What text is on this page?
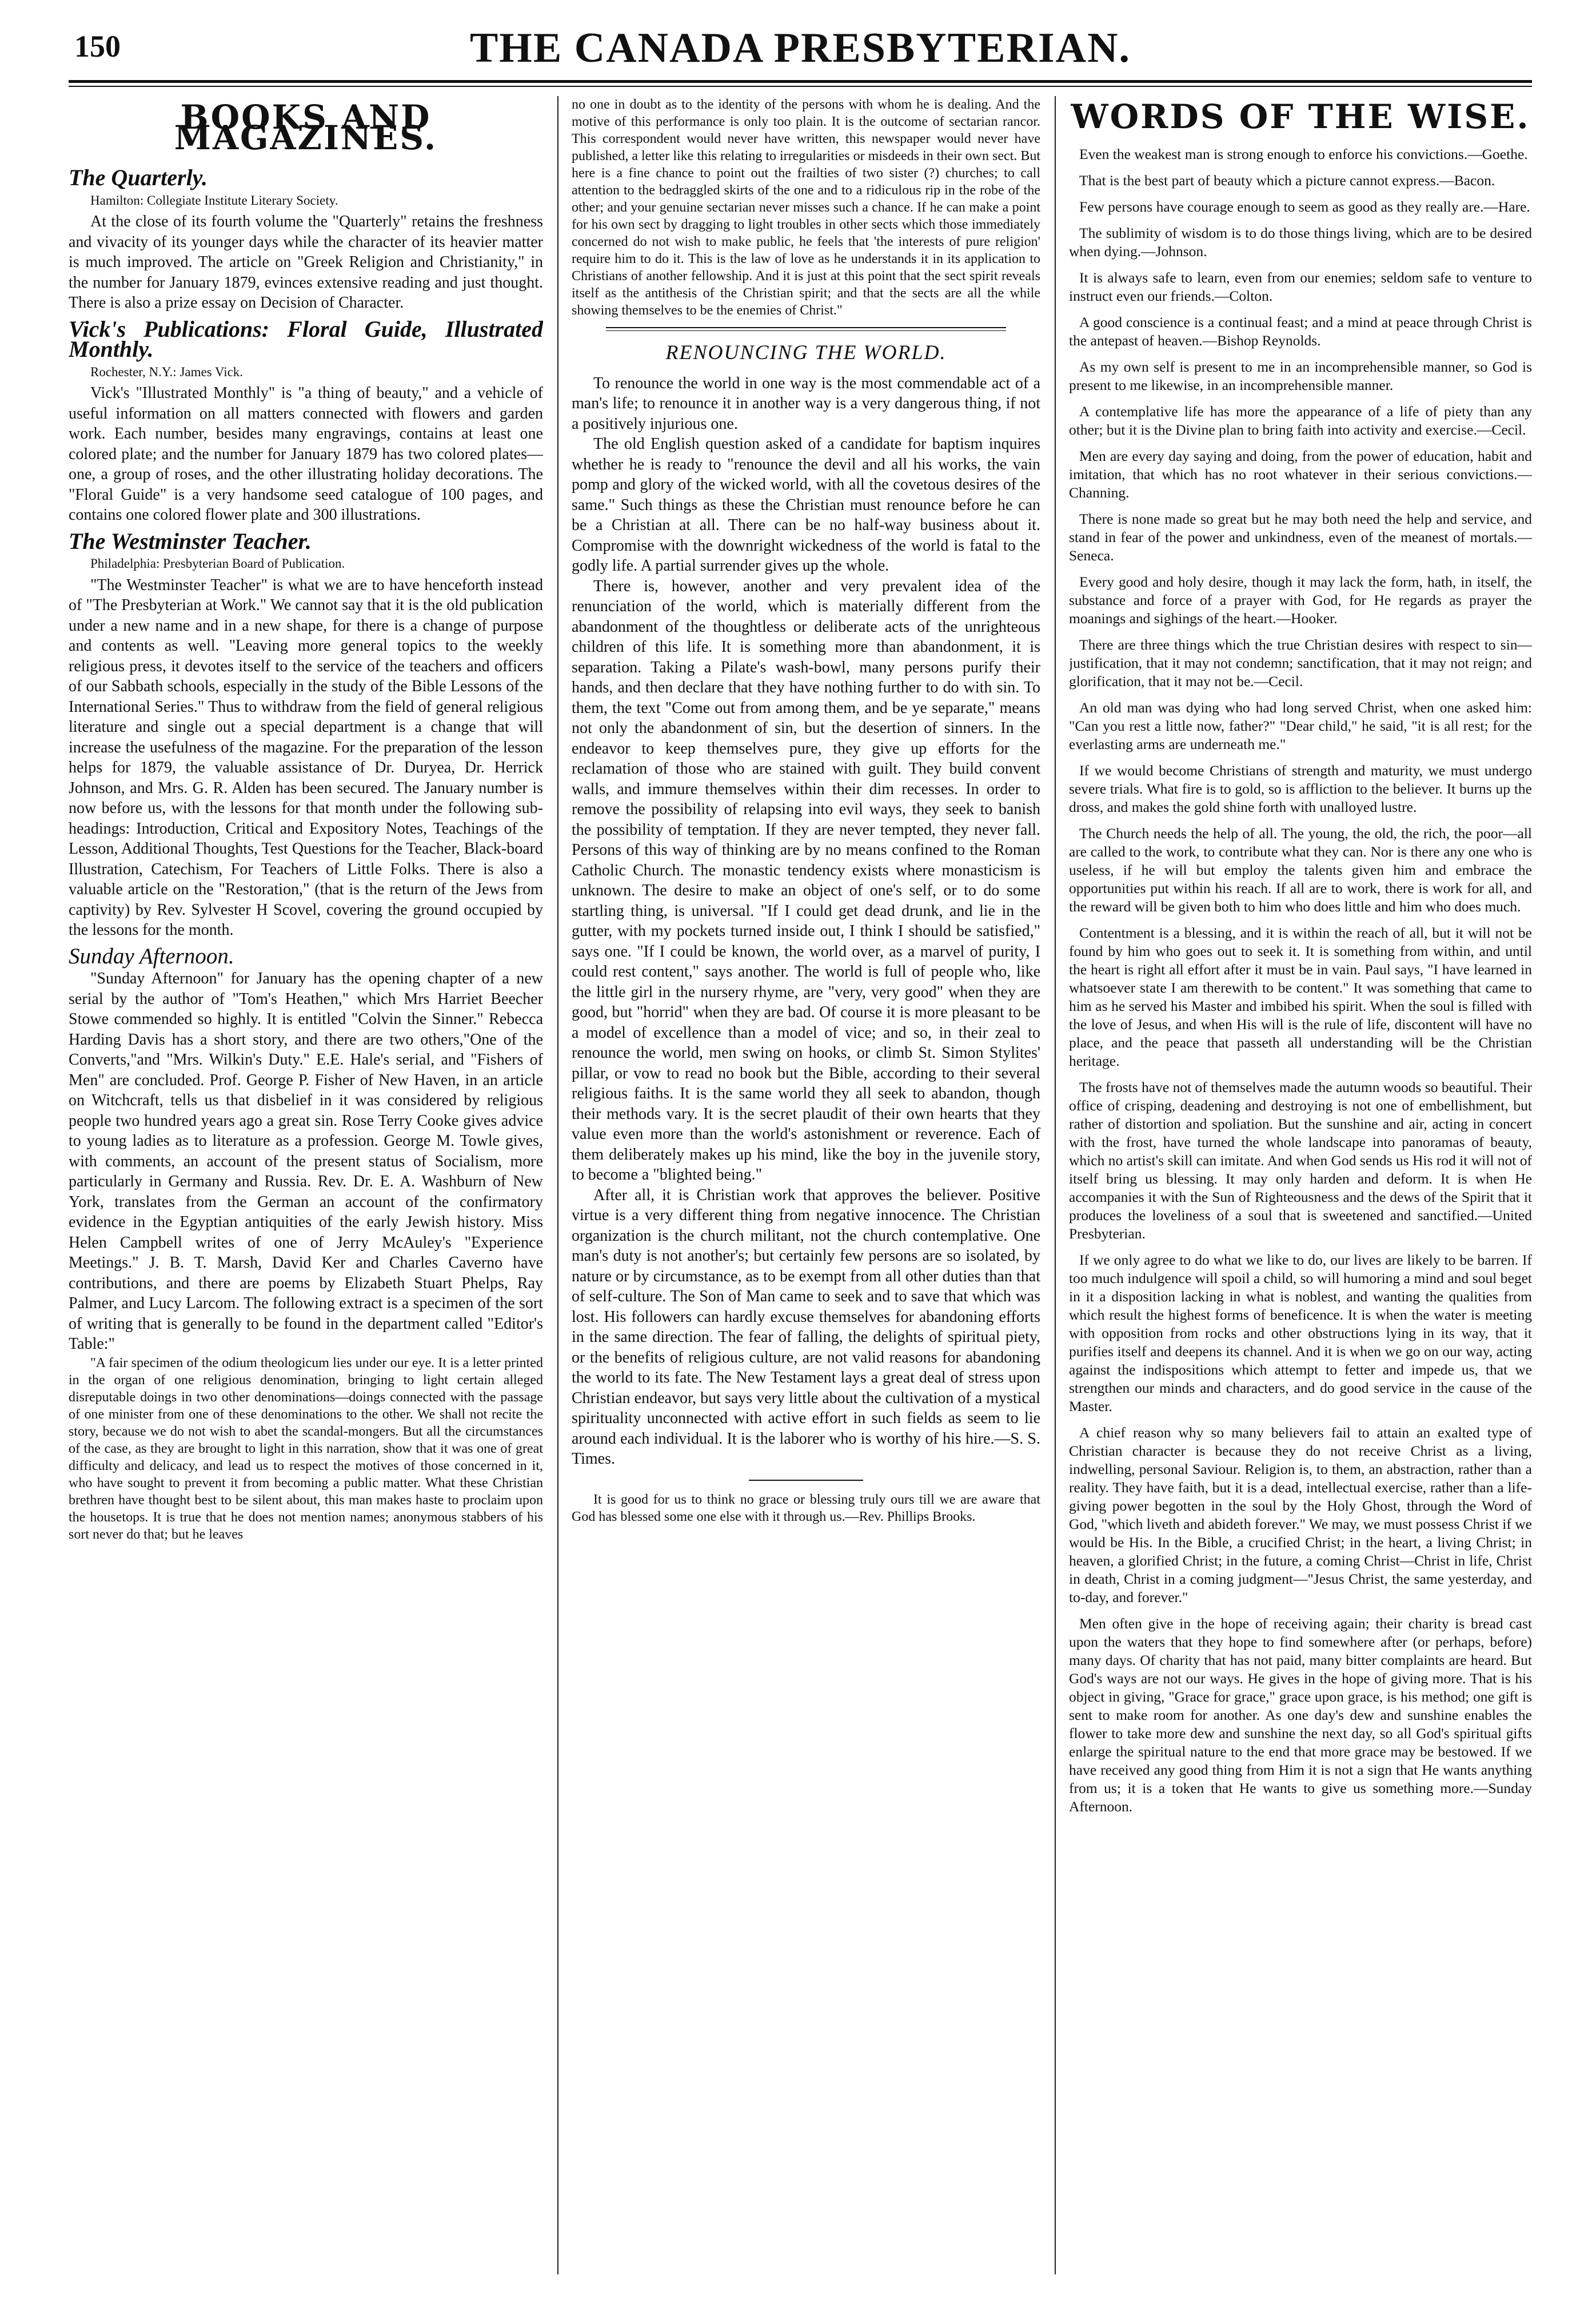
150	THE CANADA PRESBYTERIAN.
BOOKS AND MAGAZINES.
The Quarterly.
Hamilton: Collegiate Institute Literary Society.

At the close of its fourth volume the "Quarterly" retains the freshness and vivacity of its younger days while the character of its heavier matter is much improved. The article on "Greek Religion and Christianity," in the number for January 1879, evinces extensive reading and just thought. There is also a prize essay on Decision of Character.

Vick's Publications: Floral Guide, Illustrated Monthly.
Rochester, N.Y.: James Vick.

Vick's "Illustrated Monthly" is "a thing of beauty," and a vehicle of useful information on all matters connected with flowers and garden work. Each number, besides many engravings, contains at least one colored plate; and the number for January 1879 has two colored plates—one, a group of roses, and the other illustrating holiday decorations. The "Floral Guide" is a very handsome seed catalogue of 100 pages, and contains one colored flower plate and 300 illustrations.

The Westminster Teacher.
Philadelphia: Presbyterian Board of Publication.

"The Westminster Teacher" is what we are to have henceforth instead of "The Presbyterian at Work." We cannot say that it is the old publication under a new name and in a new shape, for there is a change of purpose and contents as well. "Leaving more general topics to the weekly religious press, it devotes itself to the service of the teachers and officers of our Sabbath schools, especially in the study of the Bible Lessons of the International Series." Thus to withdraw from the field of general religious literature and single out a special department is a change that will increase the usefulness of the magazine. For the preparation of the lesson helps for 1879, the valuable assistance of Dr. Duryea, Dr. Herrick Johnson, and Mrs. G. R. Alden has been secured. The January number is now before us, with the lessons for that month under the following sub-headings: Introduction, Critical and Expository Notes, Teachings of the Lesson, Additional Thoughts, Test Questions for the Teacher, Black-board Illustration, Catechism, For Teachers of Little Folks. There is also a valuable article on the "Restoration," (that is the return of the Jews from captivity) by Rev. Sylvester H Scovel, covering the ground occupied by the lessons for the month.

Sunday Afternoon.

"Sunday Afternoon" for January has the opening chapter of a new serial by the author of "Tom's Heathen," which Mrs Harriet Beecher Stowe commended so highly. It is entitled "Colvin the Sinner." Rebecca Harding Davis has a short story, and there are two others,"One of the Converts,"and "Mrs. Wilkin's Duty." E.E. Hale's serial, and "Fishers of Men" are concluded. Prof. George P. Fisher of New Haven, in an article on Witchcraft, tells us that disbelief in it was considered by religious people two hundred years ago a great sin. Rose Terry Cooke gives advice to young ladies as to literature as a profession. George M. Towle gives, with comments, an account of the present status of Socialism, more particularly in Germany and Russia. Rev. Dr. E. A. Washburn of New York, translates from the German an account of the confirmatory evidence in the Egyptian antiquities of the early Jewish history. Miss Helen Campbell writes of one of Jerry McAuley's "Experience Meetings." J. B. T. Marsh, David Ker and Charles Caverno have contributions, and there are poems by Elizabeth Stuart Phelps, Ray Palmer, and Lucy Larcom. The following extract is a specimen of the sort of writing that is generally to be found in the department called "Editor's Table:"

"A fair specimen of the odium theologicum lies under our eye. It is a letter printed in the organ of one religious denomination, bringing to light certain alleged disreputable doings in two other denominations—doings connected with the passage of one minister from one of these denominations to the other. We shall not recite the story, because we do not wish to abet the scandal-mongers. But all the circumstances of the case, as they are brought to light in this narration, show that it was one of great difficulty and delicacy, and lead us to respect the motives of those concerned in it, who have sought to prevent it from becoming a public matter. What these Christian brethren have thought best to be silent about, this man makes haste to proclaim upon the housetops. It is true that he does not mention names; anonymous stabbers of his sort never do that; but he leaves

no one in doubt as to the identity of the persons with whom he is dealing. And the motive of this performance is only too plain. It is the outcome of sectarian rancor. This correspondent would never have written, this newspaper would never have published, a letter like this relating to irregularities or misdeeds in their own sect. But here is a fine chance to point out the frailties of two sister (?) churches; to call attention to the bedraggled skirts of the one and to a ridiculous rip in the robe of the other; and your genuine sectarian never misses such a chance. If he can make a point for his own sect by dragging to light troubles in other sects which those immediately concerned do not wish to make public, he feels that 'the interests of pure religion' require him to do it. This is the law of love as he understands it in its application to Christians of another fellowship. And it is just at this point that the sect spirit reveals itself as the antithesis of the Christian spirit; and that the sects are all the while showing themselves to be the enemies of Christ."

RENOUNCING THE WORLD.

To renounce the world in one way is the most commendable act of a man's life; to renounce it in another way is a very dangerous thing, if not a positively injurious one.

The old English question asked of a candidate for baptism inquires whether he is ready to "renounce the devil and all his works, the vain pomp and glory of the wicked world, with all the covetous desires of the same." Such things as these the Christian must renounce before he can be a Christian at all. There can be no half-way business about it. Compromise with the downright wickedness of the world is fatal to the godly life. A partial surrender gives up the whole.

There is, however, another and very prevalent idea of the renunciation of the world, which is materially different from the abandonment of the thoughtless or deliberate acts of the unrighteous children of this life. It is something more than abandonment, it is separation. Taking a Pilate's wash-bowl, many persons purify their hands, and then declare that they have nothing further to do with sin. To them, the text "Come out from among them, and be ye separate," means not only the abandonment of sin, but the desertion of sinners. In the endeavor to keep themselves pure, they give up efforts for the reclamation of those who are stained with guilt. They build convent walls, and immure themselves within their dim recesses. In order to remove the possibility of relapsing into evil ways, they seek to banish the possibility of temptation. If they are never tempted, they never fall. Persons of this way of thinking are by no means confined to the Roman Catholic Church. The monastic tendency exists where monasticism is unknown. The desire to make an object of one's self, or to do some startling thing, is universal. "If I could get dead drunk, and lie in the gutter, with my pockets turned inside out, I think I should be satisfied," says one. "If I could be known, the world over, as a marvel of purity, I could rest content," says another. The world is full of people who, like the little girl in the nursery rhyme, are "very, very good" when they are good, but "horrid" when they are bad. Of course it is more pleasant to be a model of excellence than a model of vice; and so, in their zeal to renounce the world, men swing on hooks, or climb St. Simon Stylites' pillar, or vow to read no book but the Bible, according to their several religious faiths. It is the same world they all seek to abandon, though their methods vary. It is the secret plaudit of their own hearts that they value even more than the world's astonishment or reverence. Each of them deliberately makes up his mind, like the boy in the juvenile story, to become a "blighted being."

After all, it is Christian work that approves the believer. Positive virtue is a very different thing from negative innocence. The Christian organization is the church militant, not the church contemplative. One man's duty is not another's; but certainly few persons are so isolated, by nature or by circumstance, as to be exempt from all other duties than that of self-culture. The Son of Man came to seek and to save that which was lost. His followers can hardly excuse themselves for abandoning efforts in the same direction. The fear of falling, the delights of spiritual piety, or the benefits of religious culture, are not valid reasons for abandoning the world to its fate. The New Testament lays a great deal of stress upon Christian endeavor, but says very little about the cultivation of a mystical spirituality unconnected with active effort in such fields as seem to lie around each individual. It is the laborer who is worthy of his hire.—S. S. Times.

It is good for us to think no grace or blessing truly ours till we are aware that God has blessed some one else with it through us.—Rev. Phillips Brooks.

WORDS OF THE WISE.

Even the weakest man is strong enough to enforce his convictions.—Goethe.

That is the best part of beauty which a picture cannot express.—Bacon.

Few persons have courage enough to seem as good as they really are.—Hare.

The sublimity of wisdom is to do those things living, which are to be desired when dying.—Johnson.

It is always safe to learn, even from our enemies; seldom safe to venture to instruct even our friends.—Colton.

A good conscience is a continual feast; and a mind at peace through Christ is the antepast of heaven.—Bishop Reynolds.

As my own self is present to me in an incomprehensible manner, so God is present to me likewise, in an incomprehensible manner.

A contemplative life has more the appearance of a life of piety than any other; but it is the Divine plan to bring faith into activity and exercise.—Cecil.

Men are every day saying and doing, from the power of education, habit and imitation, that which has no root whatever in their serious convictions.—Channing.

There is none made so great but he may both need the help and service, and stand in fear of the power and unkindness, even of the meanest of mortals.—Seneca.

Every good and holy desire, though it may lack the form, hath, in itself, the substance and force of a prayer with God, for He regards as prayer the moanings and sighings of the heart.—Hooker.

There are three things which the true Christian desires with respect to sin—justification, that it may not condemn; sanctification, that it may not reign; and glorification, that it may not be.—Cecil.

An old man was dying who had long served Christ, when one asked him: "Can you rest a little now, father?" "Dear child," he said, "it is all rest; for the everlasting arms are underneath me."

If we would become Christians of strength and maturity, we must undergo severe trials. What fire is to gold, so is affliction to the believer. It burns up the dross, and makes the gold shine forth with unalloyed lustre.

The Church needs the help of all. The young, the old, the rich, the poor—all are called to the work, to contribute what they can. Nor is there any one who is useless, if he will but employ the talents given him and embrace the opportunities put within his reach. If all are to work, there is work for all, and the reward will be given both to him who does little and him who does much.

Contentment is a blessing, and it is within the reach of all, but it will not be found by him who goes out to seek it. It is something from within, and until the heart is right all effort after it must be in vain. Paul says, "I have learned in whatsoever state I am therewith to be content." It was something that came to him as he served his Master and imbibed his spirit. When the soul is filled with the love of Jesus, and when His will is the rule of life, discontent will have no place, and the peace that passeth all understanding will be the Christian heritage.

The frosts have not of themselves made the autumn woods so beautiful. Their office of crisping, deadening and destroying is not one of embellishment, but rather of distortion and spoliation. But the sunshine and air, acting in concert with the frost, have turned the whole landscape into panoramas of beauty, which no artist's skill can imitate. And when God sends us His rod it will not of itself bring us blessing. It may only harden and deform. It is when He accompanies it with the Sun of Righteousness and the dews of the Spirit that it produces the loveliness of a soul that is sweetened and sanctified.—United Presbyterian.

If we only agree to do what we like to do, our lives are likely to be barren. If too much indulgence will spoil a child, so will humoring a mind and soul beget in it a disposition lacking in what is noblest, and wanting the qualities from which result the highest forms of beneficence. It is when the water is meeting with opposition from rocks and other obstructions lying in its way, that it purifies itself and deepens its channel. And it is when we go on our way, acting against the indispositions which attempt to fetter and impede us, that we strengthen our minds and characters, and do good service in the cause of the Master.

A chief reason why so many believers fail to attain an exalted type of Christian character is because they do not receive Christ as a living, indwelling, personal Saviour. Religion is, to them, an abstraction, rather than a reality. They have faith, but it is a dead, intellectual exercise, rather than a life-giving power begotten in the soul by the Holy Ghost, through the Word of God, "which liveth and abideth forever." We may, we must possess Christ if we would be His. In the Bible, a crucified Christ; in the heart, a living Christ; in heaven, a glorified Christ; in the future, a coming Christ—Christ in life, Christ in death, Christ in a coming judgment—"Jesus Christ, the same yesterday, and to-day, and forever."

Men often give in the hope of receiving again; their charity is bread cast upon the waters that they hope to find somewhere after (or perhaps, before) many days. Of charity that has not paid, many bitter complaints are heard. But God's ways are not our ways. He gives in the hope of giving more. That is his object in giving, "Grace for grace," grace upon grace, is his method; one gift is sent to make room for another. As one day's dew and sunshine enables the flower to take more dew and sunshine the next day, so all God's spiritual gifts enlarge the spiritual nature to the end that more grace may be bestowed. If we have received any good thing from Him it is not a sign that He wants anything from us; it is a token that He wants to give us something more.—Sunday Afternoon.
